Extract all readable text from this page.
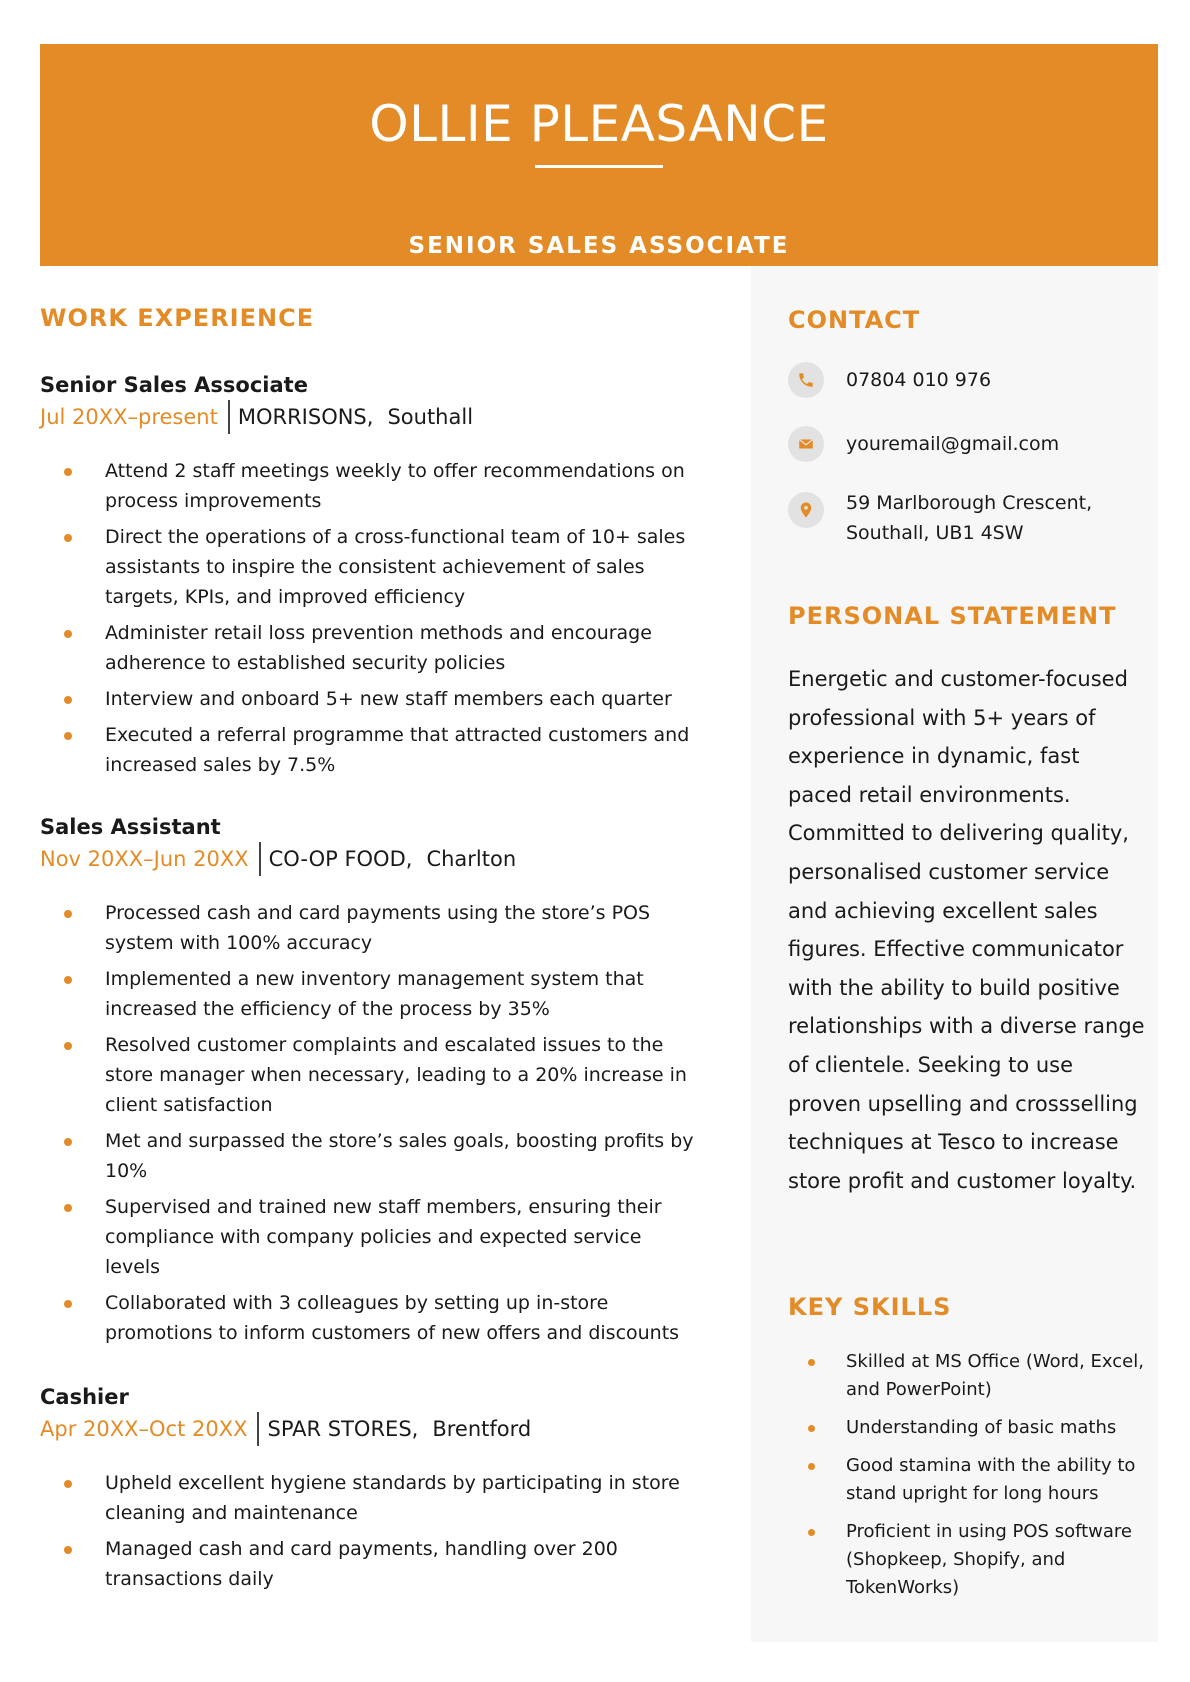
OLLIE PLEASANCE
SENIOR SALES ASSOCIATE
WORK EXPERIENCE
Senior Sales Associate
Jul 20XX–present MORRISONS, Southall
Attend 2 staff meetings weekly to offer recommendations on process improvements
Direct the operations of a cross-functional team of 10+ sales assistants to inspire the consistent achievement of sales targets, KPIs, and improved efficiency
Administer retail loss prevention methods and encourage adherence to established security policies
Interview and onboard 5+ new staff members each quarter
Executed a referral programme that attracted customers and increased sales by 7.5%
Sales Assistant
Nov 20XX–Jun 20XX CO-OP FOOD, Charlton
Processed cash and card payments using the store’s POS system with 100% accuracy
Implemented a new inventory management system that increased the efficiency of the process by 35%
Resolved customer complaints and escalated issues to the store manager when necessary, leading to a 20% increase in client satisfaction
Met and surpassed the store’s sales goals, boosting profits by 10%
Supervised and trained new staff members, ensuring their compliance with company policies and expected service levels
Collaborated with 3 colleagues by setting up in-store promotions to inform customers of new offers and discounts
Cashier
Apr 20XX–Oct 20XX SPAR STORES, Brentford
Upheld excellent hygiene standards by participating in store cleaning and maintenance
Managed cash and card payments, handling over 200 transactions daily
CONTACT
07804 010 976
youremail@gmail.com
59 Marlborough Crescent,
Southall, UB1 4SW
PERSONAL STATEMENT
Energetic and customer-focused professional with 5+ years of experience in dynamic, fast paced retail environments. Committed to delivering quality, personalised customer service and achieving excellent sales figures. Effective communicator with the ability to build positive relationships with a diverse range of clientele. Seeking to use proven upselling and crossselling techniques at Tesco to increase store profit and customer loyalty.
KEY SKILLS
Skilled at MS Office (Word, Excel, and PowerPoint)
Understanding of basic maths
Good stamina with the ability to stand upright for long hours
Proficient in using POS software (Shopkeep, Shopify, and TokenWorks)
